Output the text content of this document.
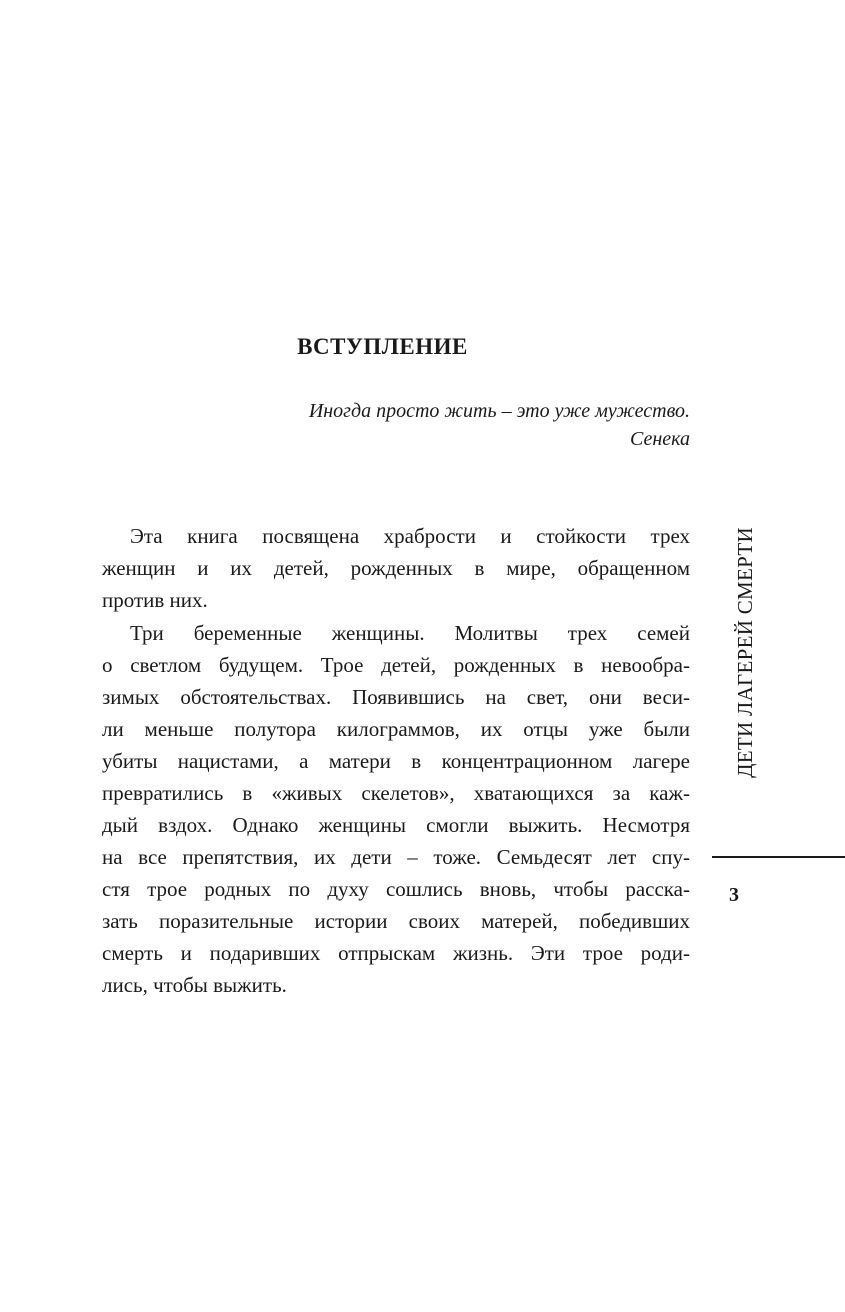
ВСТУПЛЕНИЕ
Иногда просто жить – это уже мужество.
Сенека
Эта книга посвящена храбрости и стойкости трех
женщин и их детей, рожденных в мире, обращенном
против них.
Три беременные женщины. Молитвы трех семей
о светлом будущем. Трое детей, рожденных в невообра-
зимых обстоятельствах. Появившись на свет, они веси-
ли меньше полутора килограммов, их отцы уже были
убиты нацистами, а матери в концентрационном лагере
превратились в «живых скелетов», хватающихся за каж-
дый вздох. Однако женщины смогли выжить. Несмотря
на все препятствия, их дети – тоже. Семьдесят лет спу-
стя трое родных по духу сошлись вновь, чтобы расска-
зать поразительные истории своих матерей, победивших
смерть и подаривших отпрыскам жизнь. Эти трое роди-
лись, чтобы выжить.
ДЕТИ ЛАГЕРЕЙ СМЕРТИ
3
